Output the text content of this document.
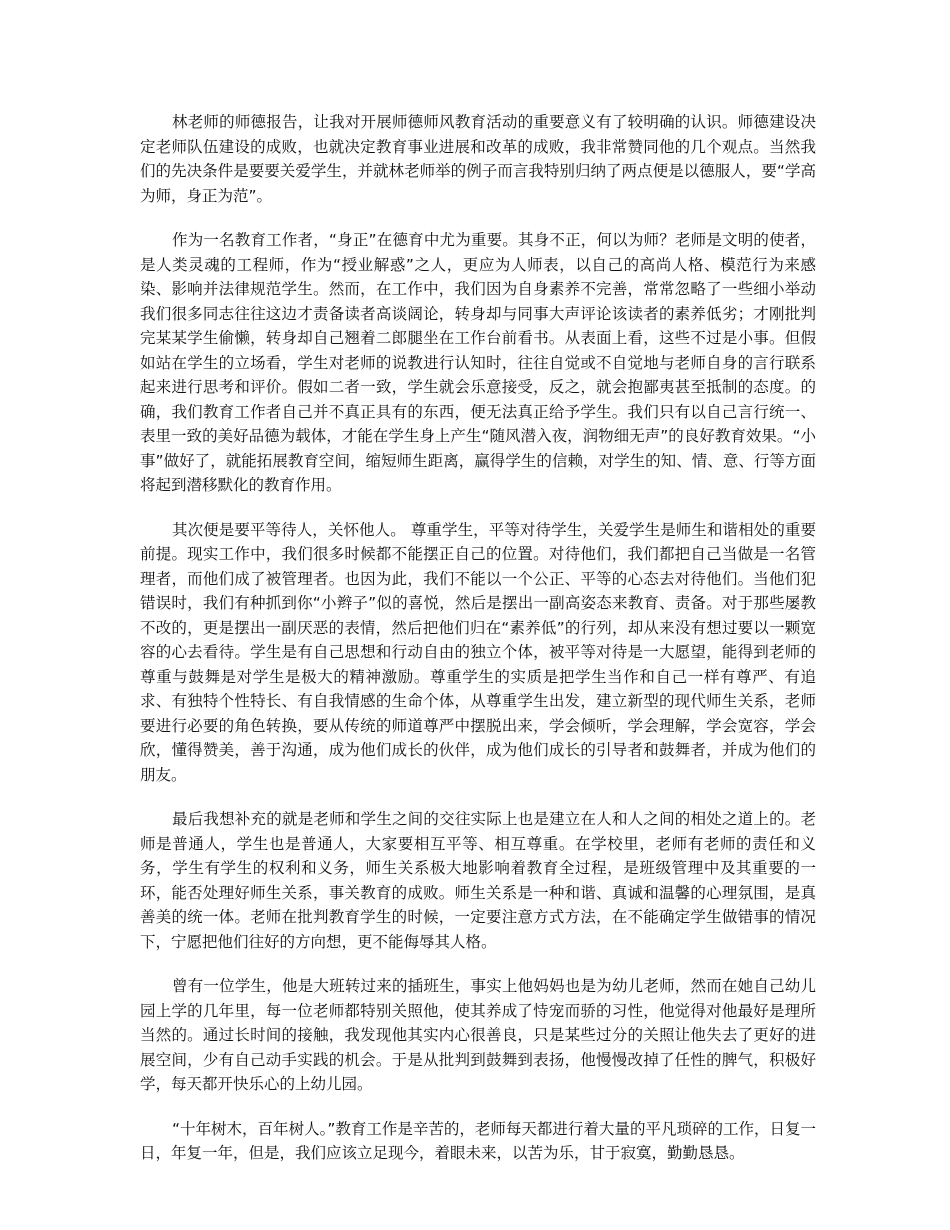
林老师的师德报告，让我对开展师德师风教育活动的重要意义有了较明确的认识。师德建设决定老师队伍建设的成败，也就决定教育事业进展和改革的成败，我非常赞同他的几个观点。当然我们的先决条件是要要关爱学生，并就林老师举的例子而言我特别归纳了两点便是以德服人，要“学高为师，身正为范”。

作为一名教育工作者，“身正”在德育中尤为重要。其身不正，何以为师？老师是文明的使者，是人类灵魂的工程师，作为“授业解惑”之人，更应为人师表，以自己的高尚人格、模范行为来感染、影响并法律规范学生。然而，在工作中，我们因为自身素养不完善，常常忽略了一些细小举动我们很多同志往往这边才责备读者高谈阔论，转身却与同事大声评论该读者的素养低劣；才刚批判完某某学生偷懒，转身却自己翘着二郎腿坐在工作台前看书。从表面上看，这些不过是小事。但假如站在学生的立场看，学生对老师的说教进行认知时，往往自觉或不自觉地与老师自身的言行联系起来进行思考和评价。假如二者一致，学生就会乐意接受，反之，就会抱鄙夷甚至抵制的态度。的确，我们教育工作者自己并不真正具有的东西，便无法真正给予学生。我们只有以自己言行统一、表里一致的美好品德为载体，才能在学生身上产生“随风潜入夜，润物细无声”的良好教育效果。“小事”做好了，就能拓展教育空间，缩短师生距离，赢得学生的信赖，对学生的知、情、意、行等方面将起到潜移默化的教育作用。

其次便是要平等待人，关怀他人。 尊重学生，平等对待学生，关爱学生是师生和谐相处的重要前提。现实工作中，我们很多时候都不能摆正自己的位置。对待他们，我们都把自己当做是一名管理者，而他们成了被管理者。也因为此，我们不能以一个公正、平等的心态去对待他们。当他们犯错误时，我们有种抓到你“小辫子”似的喜悦，然后是摆出一副高姿态来教育、责备。对于那些屡教不改的，更是摆出一副厌恶的表情，然后把他们归在“素养低”的行列，却从来没有想过要以一颗宽容的心去看待。学生是有自己思想和行动自由的独立个体，被平等对待是一大愿望，能得到老师的尊重与鼓舞是对学生是极大的精神激励。尊重学生的实质是把学生当作和自己一样有尊严、有追求、有独特个性特长、有自我情感的生命个体，从尊重学生出发，建立新型的现代师生关系，老师要进行必要的角色转换，要从传统的师道尊严中摆脱出来，学会倾听，学会理解，学会宽容，学会欣，懂得赞美，善于沟通，成为他们成长的伙伴，成为他们成长的引导者和鼓舞者，并成为他们的朋友。

最后我想补充的就是老师和学生之间的交往实际上也是建立在人和人之间的相处之道上的。老师是普通人，学生也是普通人，大家要相互平等、相互尊重。在学校里，老师有老师的责任和义务，学生有学生的权利和义务，师生关系极大地影响着教育全过程，是班级管理中及其重要的一环，能否处理好师生关系，事关教育的成败。师生关系是一种和谐、真诚和温馨的心理氛围，是真善美的统一体。老师在批判教育学生的时候，一定要注意方式方法，在不能确定学生做错事的情况下，宁愿把他们往好的方向想，更不能侮辱其人格。

曾有一位学生，他是大班转过来的插班生，事实上他妈妈也是为幼儿老师，然而在她自己幼儿园上学的几年里，每一位老师都特别关照他，使其养成了恃宠而骄的习性，他觉得对他最好是理所当然的。通过长时间的接触，我发现他其实内心很善良，只是某些过分的关照让他失去了更好的进展空间，少有自己动手实践的机会。于是从批判到鼓舞到表扬，他慢慢改掉了任性的脾气，积极好学，每天都开快乐心的上幼儿园。

“十年树木，百年树人。”教育工作是辛苦的，老师每天都进行着大量的平凡琐碎的工作，日复一日，年复一年，但是，我们应该立足现今，着眼未来，以苦为乐，甘于寂寞，勤勤恳恳。
